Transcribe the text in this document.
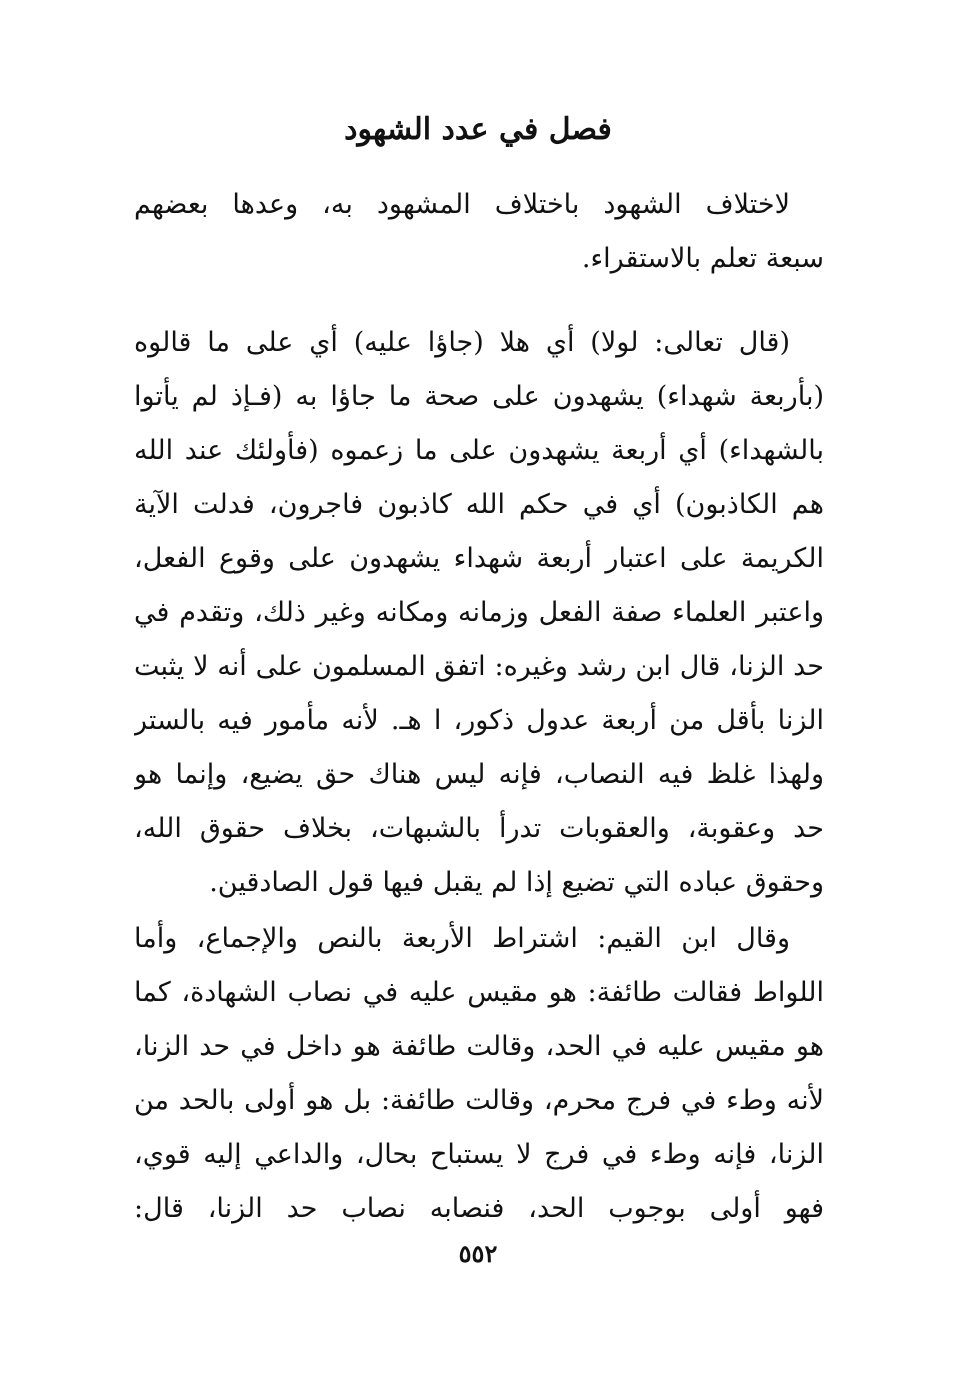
فصل في عدد الشهود
لاختلاف الشهود باختلاف المشهود به، وعدها بعضهم
سبعة تعلم بالاستقراء.
(قال تعالى: لولا) أي هلا (جاؤا عليه) أي على ما قالوه
(بأربعة شهداء) يشهدون على صحة ما جاؤا به (فـإذ لم يأتوا
بالشهداء) أي أربعة يشهدون على ما زعموه (فأولئك عند الله
هم الكاذبون) أي في حكم الله كاذبون فاجرون، فدلت الآية
الكريمة على اعتبار أربعة شهداء يشهدون على وقوع الفعل،
واعتبر العلماء صفة الفعل وزمانه ومكانه وغير ذلك، وتقدم في
حد الزنا، قال ابن رشد وغيره: اتفق المسلمون على أنه لا يثبت
الزنا بأقل من أربعة عدول ذكور، ا هـ. لأنه مأمور فيه بالستر
ولهذا غلظ فيه النصاب، فإنه ليس هناك حق يضيع، وإنما هو
حد وعقوبة، والعقوبات تدرأ بالشبهات، بخلاف حقوق الله،
وحقوق عباده التي تضيع إذا لم يقبل فيها قول الصادقين.
وقال ابن القيم: اشتراط الأربعة بالنص والإجماع، وأما
اللواط فقالت طائفة: هو مقيس عليه في نصاب الشهادة، كما
هو مقيس عليه في الحد، وقالت طائفة هو داخل في حد الزنا،
لأنه وطء في فرج محرم، وقالت طائفة: بل هو أولى بالحد من
الزنا، فإنه وطء في فرج لا يستباح بحال، والداعي إليه قوي،
فهو أولى بوجوب الحد، فنصابه نصاب حد الزنا، قال:
٥٥٢
